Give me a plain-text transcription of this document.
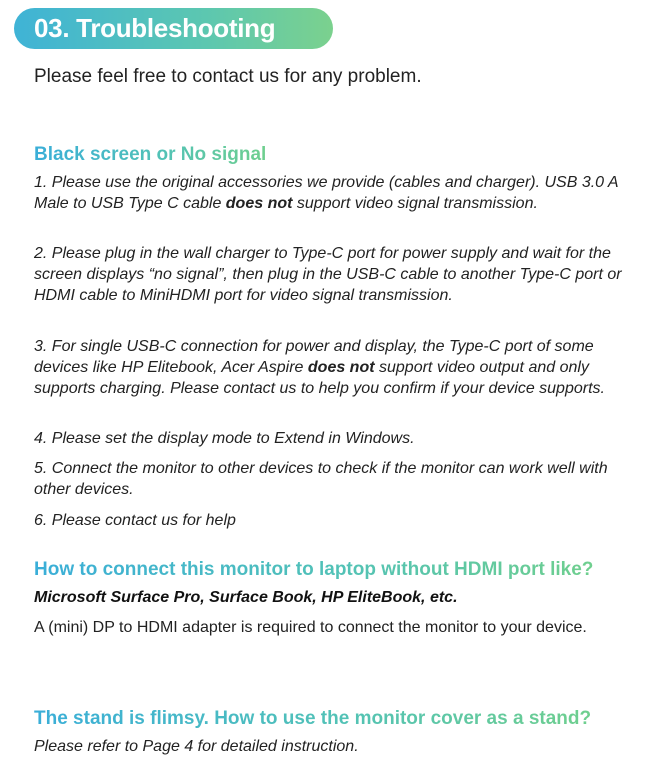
03. Troubleshooting
Please feel free to contact us for any problem.
Black screen or No signal
1. Please use the original accessories we provide (cables and charger). USB 3.0 A Male to USB Type C cable does not support video signal transmission.
2. Please plug in the wall charger to Type-C port for power supply and wait for the screen displays “no signal”, then plug in the USB-C cable to another Type-C port or HDMI cable to MiniHDMI port for video signal transmission.
3. For single USB-C connection for power and display, the Type-C port of some devices like HP Elitebook, Acer Aspire does not support video output and only supports charging. Please contact us to help you confirm if your device supports.
4. Please set the display mode to Extend in Windows.
5. Connect the monitor to other devices to check if the monitor can work well with other devices.
6. Please contact us for help
How to connect this monitor to laptop without HDMI port like?
Microsoft Surface Pro, Surface Book, HP EliteBook, etc.
A (mini) DP to HDMI adapter is required to connect the monitor to your device.
The stand is flimsy. How to use the monitor cover as a stand?
Please refer to Page 4 for detailed instruction.
